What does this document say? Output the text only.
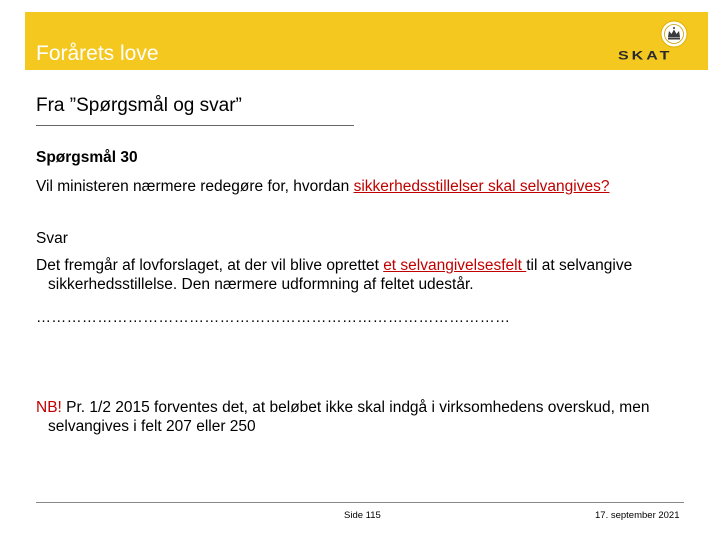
Forårets love	SKAT
Fra ”Spørgsmål og svar”
Spørgsmål 30
Vil ministeren nærmere redegøre for, hvordan sikkerhedsstillelser skal selvangives?
Svar
Det fremgår af lovforslaget, at der vil blive oprettet et selvangivelsesfelt til at selvangive sikkerhedsstillelse. Den nærmere udformning af feltet udestår.
…………………………………………………………………………………
NB! Pr. 1/2 2015 forventes det, at beløbet ikke skal indgå i virksomhedens overskud, men selvangives i felt 207 eller 250
Side 115	17. september 2021
